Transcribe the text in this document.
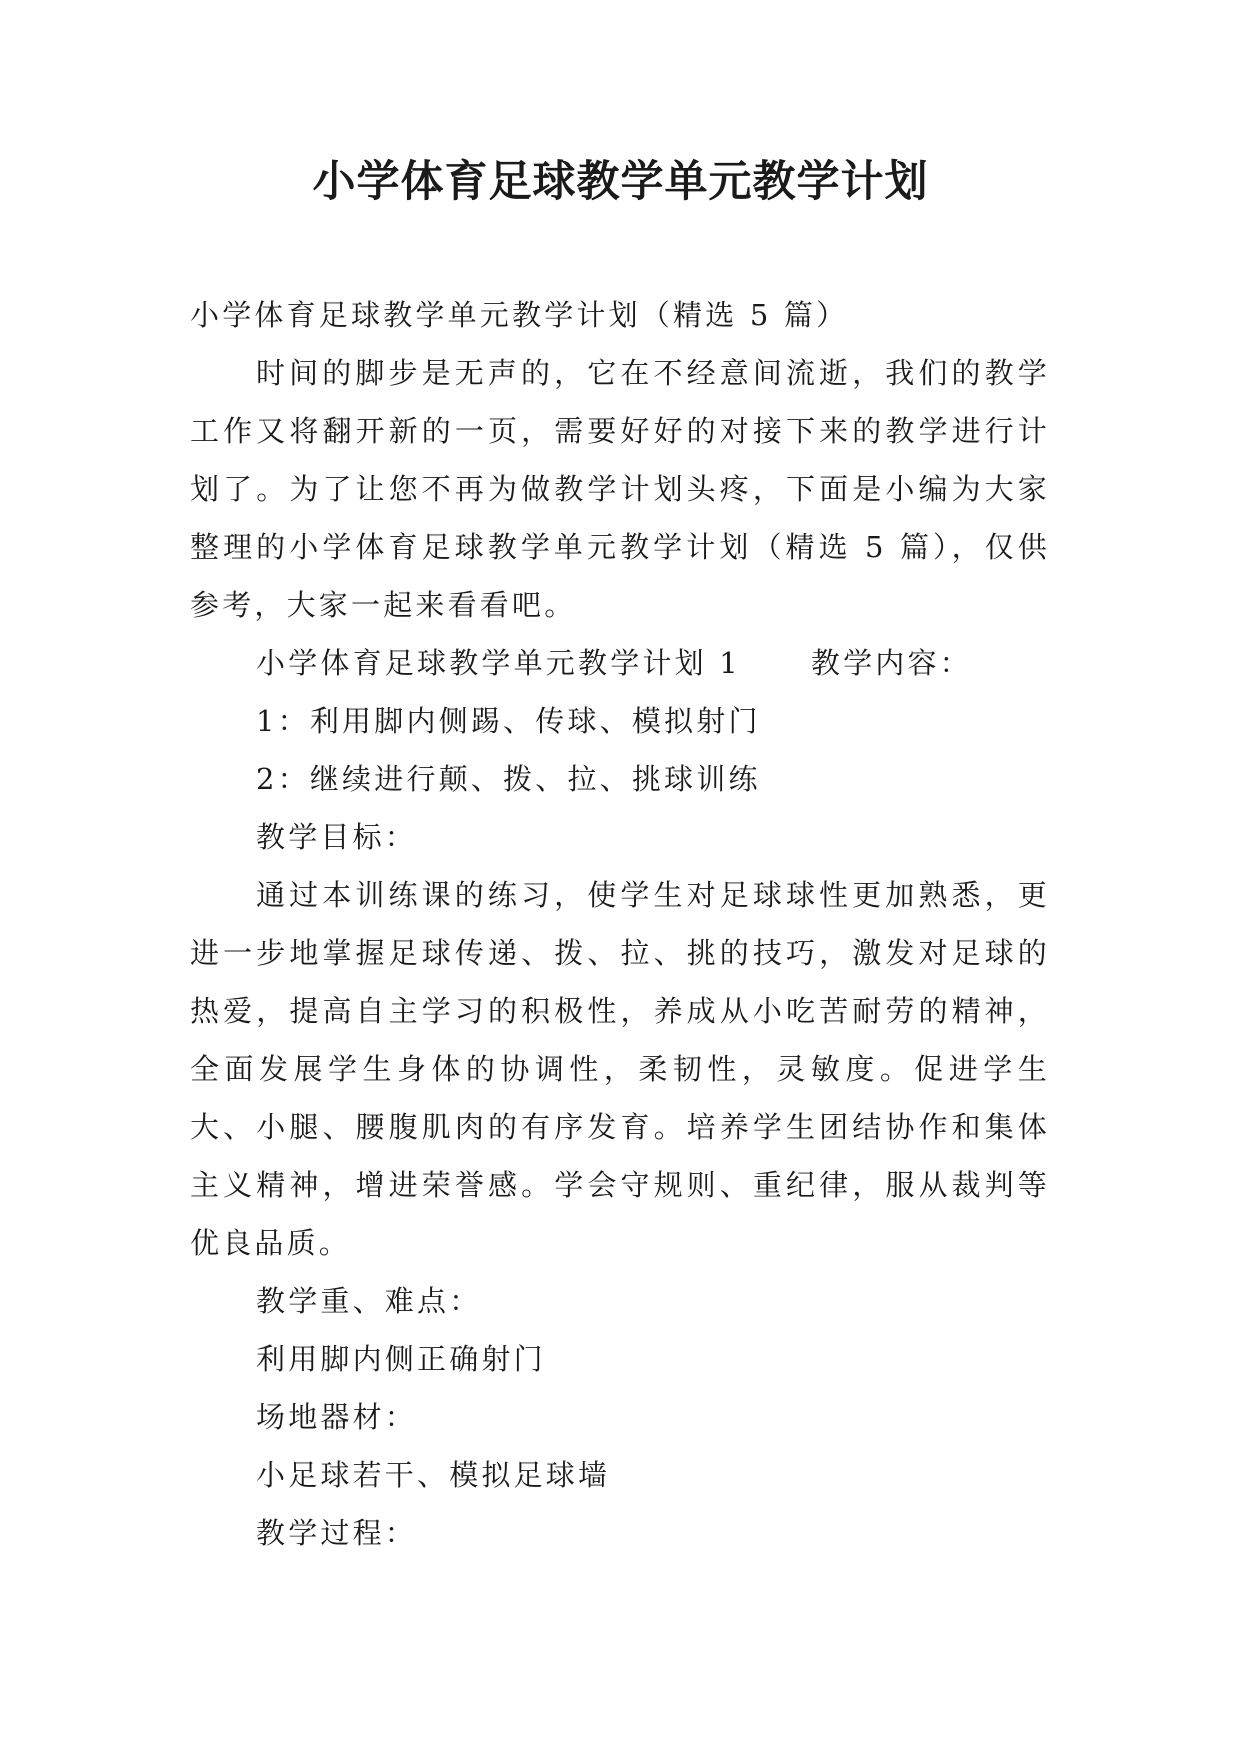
小学体育足球教学单元教学计划

小学体育足球教学单元教学计划（精选 5 篇）

时间的脚步是无声的，它在不经意间流逝，我们的教学工作又将翻开新的一页，需要好好的对接下来的教学进行计划了。为了让您不再为做教学计划头疼，下面是小编为大家整理的小学体育足球教学单元教学计划（精选 5 篇），仅供参考，大家一起来看看吧。

小学体育足球教学单元教学计划 1 教学内容：

1：利用脚内侧踢、传球、模拟射门

2：继续进行颠、拨、拉、挑球训练

教学目标：

通过本训练课的练习，使学生对足球球性更加熟悉，更进一步地掌握足球传递、拨、拉、挑的技巧，激发对足球的热爱，提高自主学习的积极性，养成从小吃苦耐劳的精神，全面发展学生身体的协调性，柔韧性，灵敏度。促进学生大、小腿、腰腹肌肉的有序发育。培养学生团结协作和集体主义精神，增进荣誉感。学会守规则、重纪律，服从裁判等优良品质。

教学重、难点：

利用脚内侧正确射门

场地器材：

小足球若干、模拟足球墙

教学过程：
